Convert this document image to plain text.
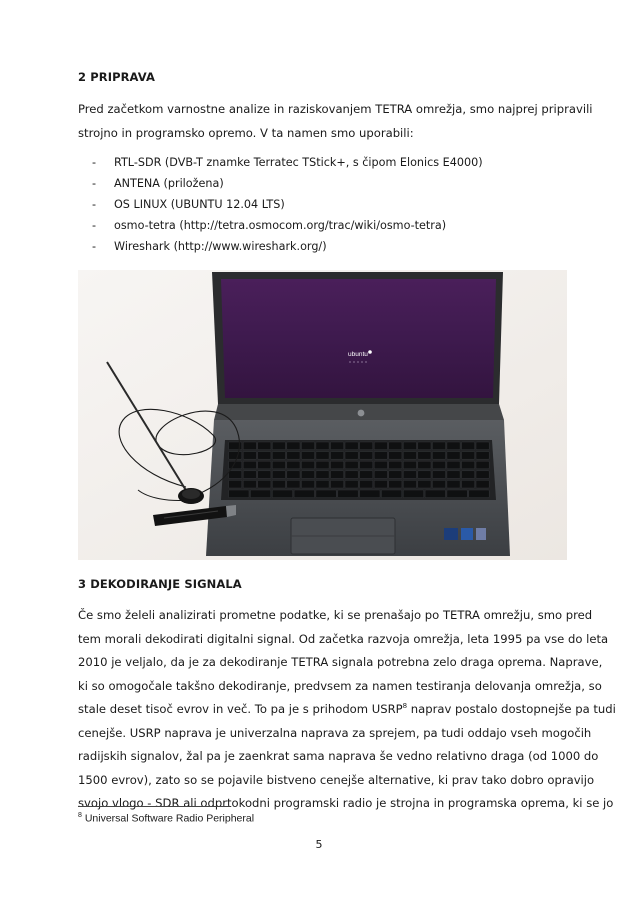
2 PRIPRAVA
Pred začetkom varnostne analize in raziskovanjem TETRA omrežja, smo najprej pripravili
strojno in programsko opremo. V ta namen smo uporabili:
- RTL-SDR (DVB-T znamke Terratec TStick+, s čipom Elonics E4000)
- ANTENA (priložena)
- OS LINUX (UBUNTU 12.04 LTS)
- osmo-tetra (http://tetra.osmocom.org/trac/wiki/osmo-tetra)
- Wireshark (http://www.wireshark.org/)
ubuntu
3 DEKODIRANJE SIGNALA
Če smo želeli analizirati prometne podatke, ki se prenašajo po TETRA omrežju, smo pred
tem morali dekodirati digitalni signal. Od začetka razvoja omrežja, leta 1995 pa vse do leta
2010 je veljalo, da je za dekodiranje TETRA signala potrebna zelo draga oprema. Naprave,
ki so omogočale takšno dekodiranje, predvsem za namen testiranja delovanja omrežja, so
stale deset tisoč evrov in več. To pa je s prihodom USRP$^8$ naprav postalo dostopnejše pa tudi
cenejše. USRP naprava je univerzalna naprava za sprejem, pa tudi oddajo vseh mogočih
radijskih signalov, žal pa je zaenkrat sama naprava še vedno relativno draga (od 1000 do
1500 evrov), zato so se pojavile bistveno cenejše alternative, ki prav tako dobro opravijo
svojo vlogo - SDR ali odprtokodni programski radio je strojna in programska oprema, ki se jo
$^8$ Universal Software Radio Peripheral
5
